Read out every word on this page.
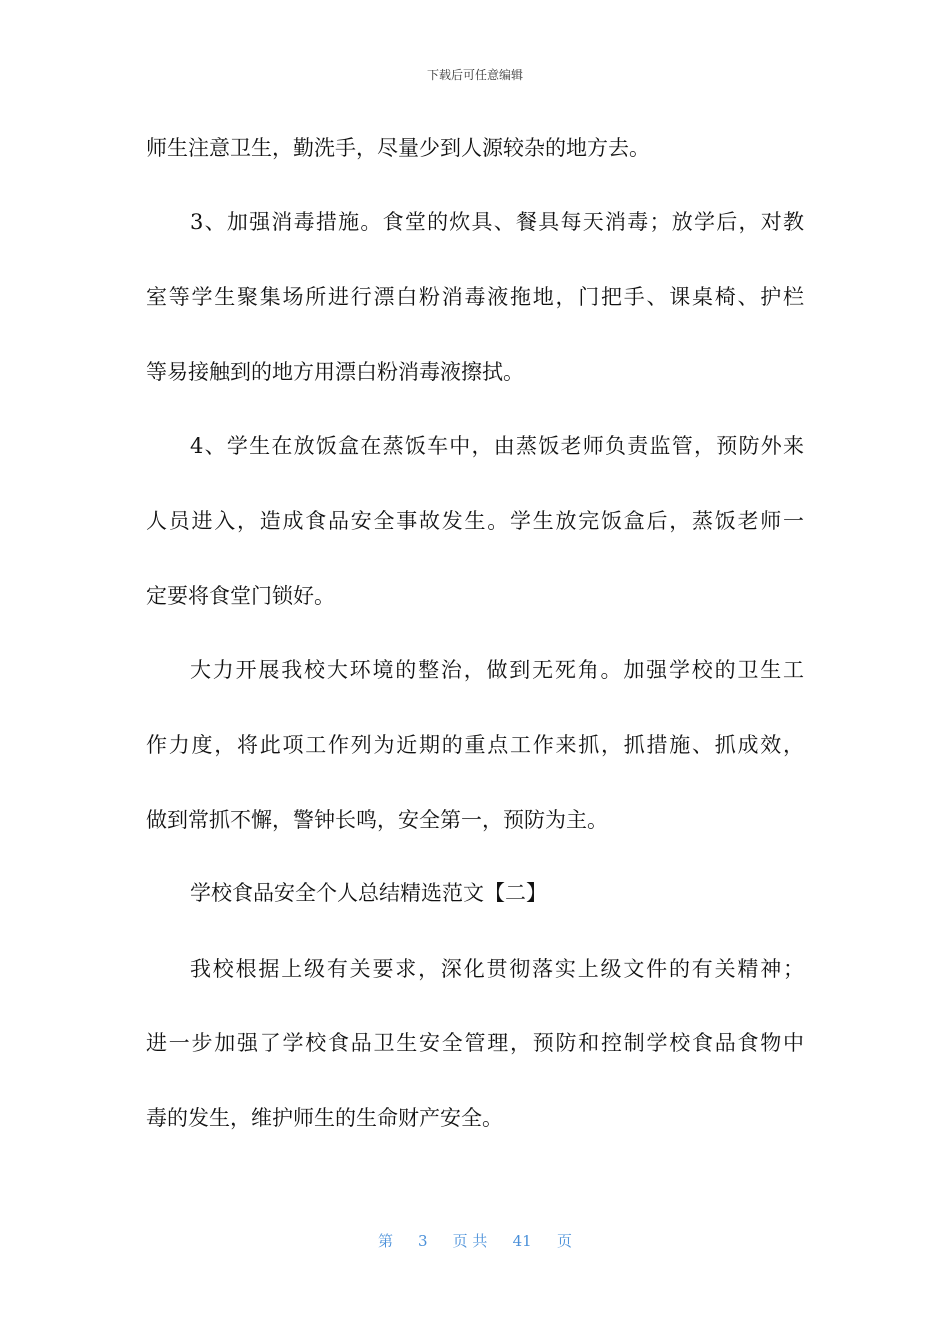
下载后可任意编辑
师生注意卫生，勤洗手，尽量少到人源较杂的地方去。
3、加强消毒措施。食堂的炊具、餐具每天消毒；放学后，对教
室等学生聚集场所进行漂白粉消毒液拖地，门把手、课桌椅、护栏
等易接触到的地方用漂白粉消毒液擦拭。
4、学生在放饭盒在蒸饭车中，由蒸饭老师负责监管，预防外来
人员进入，造成食品安全事故发生。学生放完饭盒后，蒸饭老师一
定要将食堂门锁好。
大力开展我校大环境的整治，做到无死角。加强学校的卫生工
作力度，将此项工作列为近期的重点工作来抓，抓措施、抓成效，
做到常抓不懈，警钟长鸣，安全第一，预防为主。
学校食品安全个人总结精选范文【二】
我校根据上级有关要求，深化贯彻落实上级文件的有关精神；
进一步加强了学校食品卫生安全管理，预防和控制学校食品食物中
毒的发生，维护师生的生命财产安全。
第 3 页 共 41 页
